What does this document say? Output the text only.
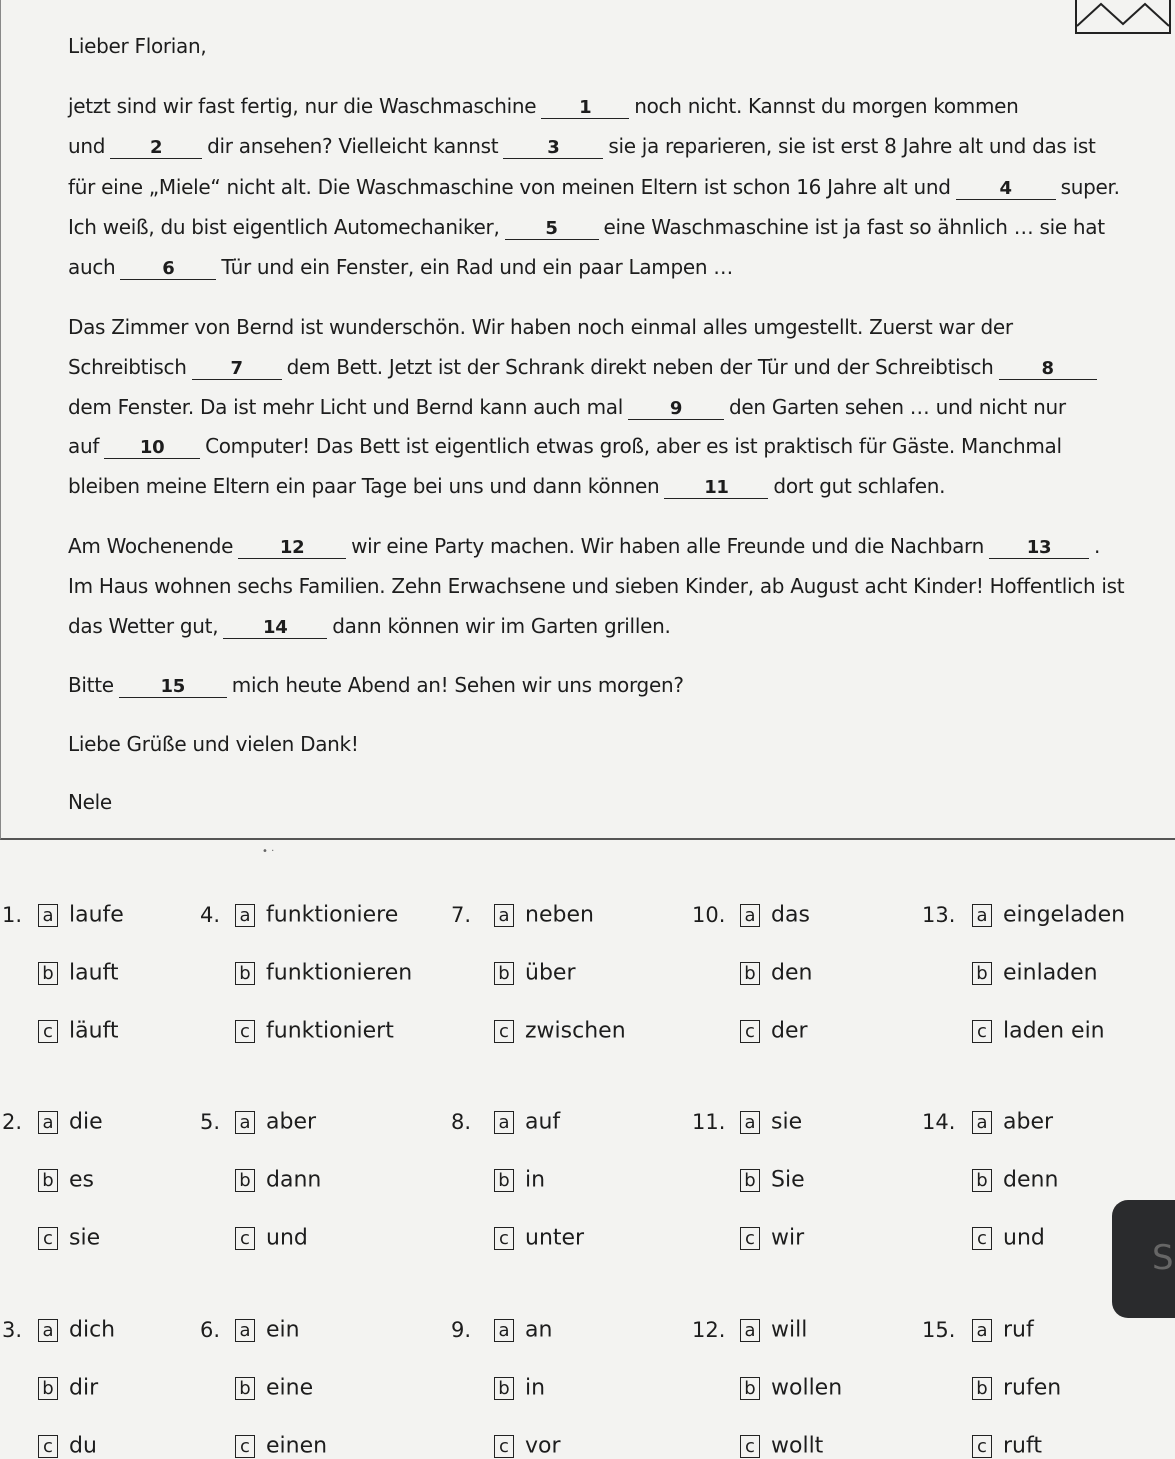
Lieber Florian,
jetzt sind wir fast fertig, nur die Waschmaschine 1 noch nicht. Kannst du morgen kommen
und 2 dir ansehen? Vielleicht kannst	3 sie ja reparieren, sie ist erst 8 Jahre alt und das ist
für eine „Miele“ nicht alt. Die Waschmaschine von meinen Eltern ist schon 16 Jahre alt und	4 super.
Ich weiß, du bist eigentlich Automechaniker,	5 eine Waschmaschine ist ja fast so ähnlich … sie hat
auch	6 Tür und ein Fenster, ein Rad und ein paar Lampen …
Das Zimmer von Bernd ist wunderschön. Wir haben noch einmal alles umgestellt. Zuerst war der
Schreibtisch 7 dem Bett. Jetzt ist der Schrank direkt neben der Tür und der Schreibtisch	8
dem Fenster. Da ist mehr Licht und Bernd kann auch mal	9 den Garten sehen … und nicht nur
auf 10 Computer! Das Bett ist eigentlich etwas groß, aber es ist praktisch für Gäste. Manchmal
bleiben meine Eltern ein paar Tage bei uns und dann können 11 dort gut schlafen.
Am Wochenende	12 wir eine Party machen. Wir haben alle Freunde und die Nachbarn 13 .
Im Haus wohnen sechs Familien. Zehn Erwachsene und sieben Kinder, ab August acht Kinder! Hoffentlich ist
das Wetter gut, 14 dann können wir im Garten grillen.
Bitte	15 mich heute Abend an! Sehen wir uns morgen?
Liebe Grüße und vielen Dank!
Nele
• ·
1. a laufe
b lauft
c läuft
2. a die
b es
c sie
3. a dich
b dir
c du
4. a funktioniere
b funktionieren
c funktioniert
5. a aber
b dann
c und
6. a ein
b eine
c einen
7. a neben
b über
c zwischen
8. a auf
b in
c unter
9. a an
b in
c vor
10. a das
b den
c der
11. a sie
b Sie
c wir
12. a will
b wollen
c wollt
13. a eingeladen
b einladen
c laden ein
14. a aber
b denn
c und
15. a ruf
b rufen
c ruft
S
